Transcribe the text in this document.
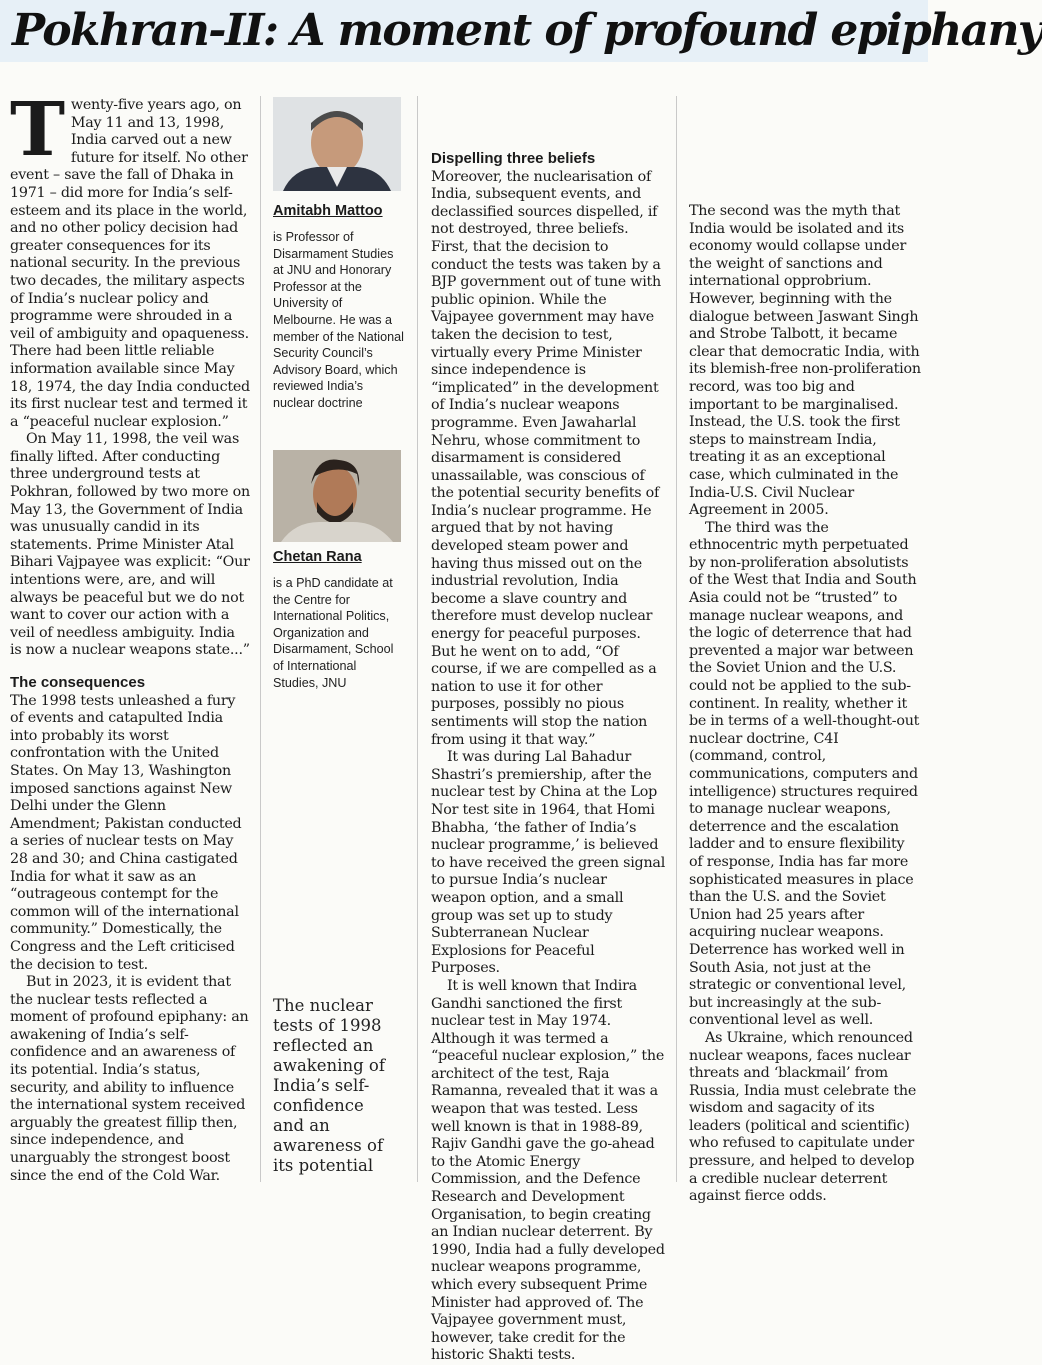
Pokhran-II: A moment of profound epiphany

Twenty-five years ago, on May 11 and 13, 1998, India carved out a new future for itself. No other event – save the fall of Dhaka in 1971 – did more for India’s self-esteem and its place in the world, and no other policy decision had greater consequences for its national security. In the previous two decades, the military aspects of India’s nuclear policy and programme were shrouded in a veil of ambiguity and opaqueness. There had been little reliable information available since May 18, 1974, the day India conducted its first nuclear test and termed it a “peaceful nuclear explosion.”

On May 11, 1998, the veil was finally lifted. After conducting three underground tests at Pokhran, followed by two more on May 13, the Government of India was unusually candid in its statements. Prime Minister Atal Bihari Vajpayee was explicit: “Our intentions were, are, and will always be peaceful but we do not want to cover our action with a veil of needless ambiguity. India is now a nuclear weapons state...”

The consequences

The 1998 tests unleashed a fury of events and catapulted India into probably its worst confrontation with the United States. On May 13, Washington imposed sanctions against New Delhi under the Glenn Amendment; Pakistan conducted a series of nuclear tests on May 28 and 30; and China castigated India for what it saw as an “outrageous contempt for the common will of the international community.” Domestically, the Congress and the Left criticised the decision to test.

But in 2023, it is evident that the nuclear tests reflected a moment of profound epiphany: an awakening of India’s self-confidence and an awareness of its potential. India’s status, security, and ability to influence the international system received arguably the greatest fillip then, since independence, and unarguably the strongest boost since the end of the Cold War.

Amitabh Mattoo
is Professor of Disarmament Studies at JNU and Honorary Professor at the University of Melbourne. He was a member of the National Security Council’s Advisory Board, which reviewed India’s nuclear doctrine
Chetan Rana
is a PhD candidate at the Centre for International Politics, Organization and Disarmament, School of International Studies, JNU
The nuclear tests of 1998 reflected an awakening of India’s self-confidence and an awareness of its potential
Dispelling three beliefs

Moreover, the nuclearisation of India, subsequent events, and declassified sources dispelled, if not destroyed, three beliefs. First, that the decision to conduct the tests was taken by a BJP government out of tune with public opinion. While the Vajpayee government may have taken the decision to test, virtually every Prime Minister since independence is “implicated” in the development of India’s nuclear weapons programme. Even Jawaharlal Nehru, whose commitment to disarmament is considered unassailable, was conscious of the potential security benefits of India’s nuclear programme. He argued that by not having developed steam power and having thus missed out on the industrial revolution, India become a slave country and therefore must develop nuclear energy for peaceful purposes. But he went on to add, “Of course, if we are compelled as a nation to use it for other purposes, possibly no pious sentiments will stop the nation from using it that way.”

It was during Lal Bahadur Shastri’s premiership, after the nuclear test by China at the Lop Nor test site in 1964, that Homi Bhabha, ‘the father of India’s nuclear programme,’ is believed to have received the green signal to pursue India’s nuclear weapon option, and a small group was set up to study Subterranean Nuclear Explosions for Peaceful Purposes.

It is well known that Indira Gandhi sanctioned the first nuclear test in May 1974. Although it was termed a “peaceful nuclear explosion,” the architect of the test, Raja Ramanna, revealed that it was a weapon that was tested. Less well known is that in 1988-89, Rajiv Gandhi gave the go-ahead to the Atomic Energy Commission, and the Defence Research and Development Organisation, to begin creating an Indian nuclear deterrent. By 1990, India had a fully developed nuclear weapons programme, which every subsequent Prime Minister had approved of. The Vajpayee government must, however, take credit for the historic Shakti tests.

The second was the myth that India would be isolated and its economy would collapse under the weight of sanctions and international opprobrium. However, beginning with the dialogue between Jaswant Singh and Strobe Talbott, it became clear that democratic India, with its blemish-free non-proliferation record, was too big and important to be marginalised. Instead, the U.S. took the first steps to mainstream India, treating it as an exceptional case, which culminated in the India-U.S. Civil Nuclear Agreement in 2005.

The third was the ethnocentric myth perpetuated by non-proliferation absolutists of the West that India and South Asia could not be “trusted” to manage nuclear weapons, and the logic of deterrence that had prevented a major war between the Soviet Union and the U.S. could not be applied to the sub-continent. In reality, whether it be in terms of a well-thought-out nuclear doctrine, C4I (command, control, communications, computers and intelligence) structures required to manage nuclear weapons, deterrence and the escalation ladder and to ensure flexibility of response, India has far more sophisticated measures in place than the U.S. and the Soviet Union had 25 years after acquiring nuclear weapons. Deterrence has worked well in South Asia, not just at the strategic or conventional level, but increasingly at the sub-conventional level as well.

As Ukraine, which renounced nuclear weapons, faces nuclear threats and ‘blackmail’ from Russia, India must celebrate the wisdom and sagacity of its leaders (political and scientific) who refused to capitulate under pressure, and helped to develop a credible nuclear deterrent against fierce odds.
